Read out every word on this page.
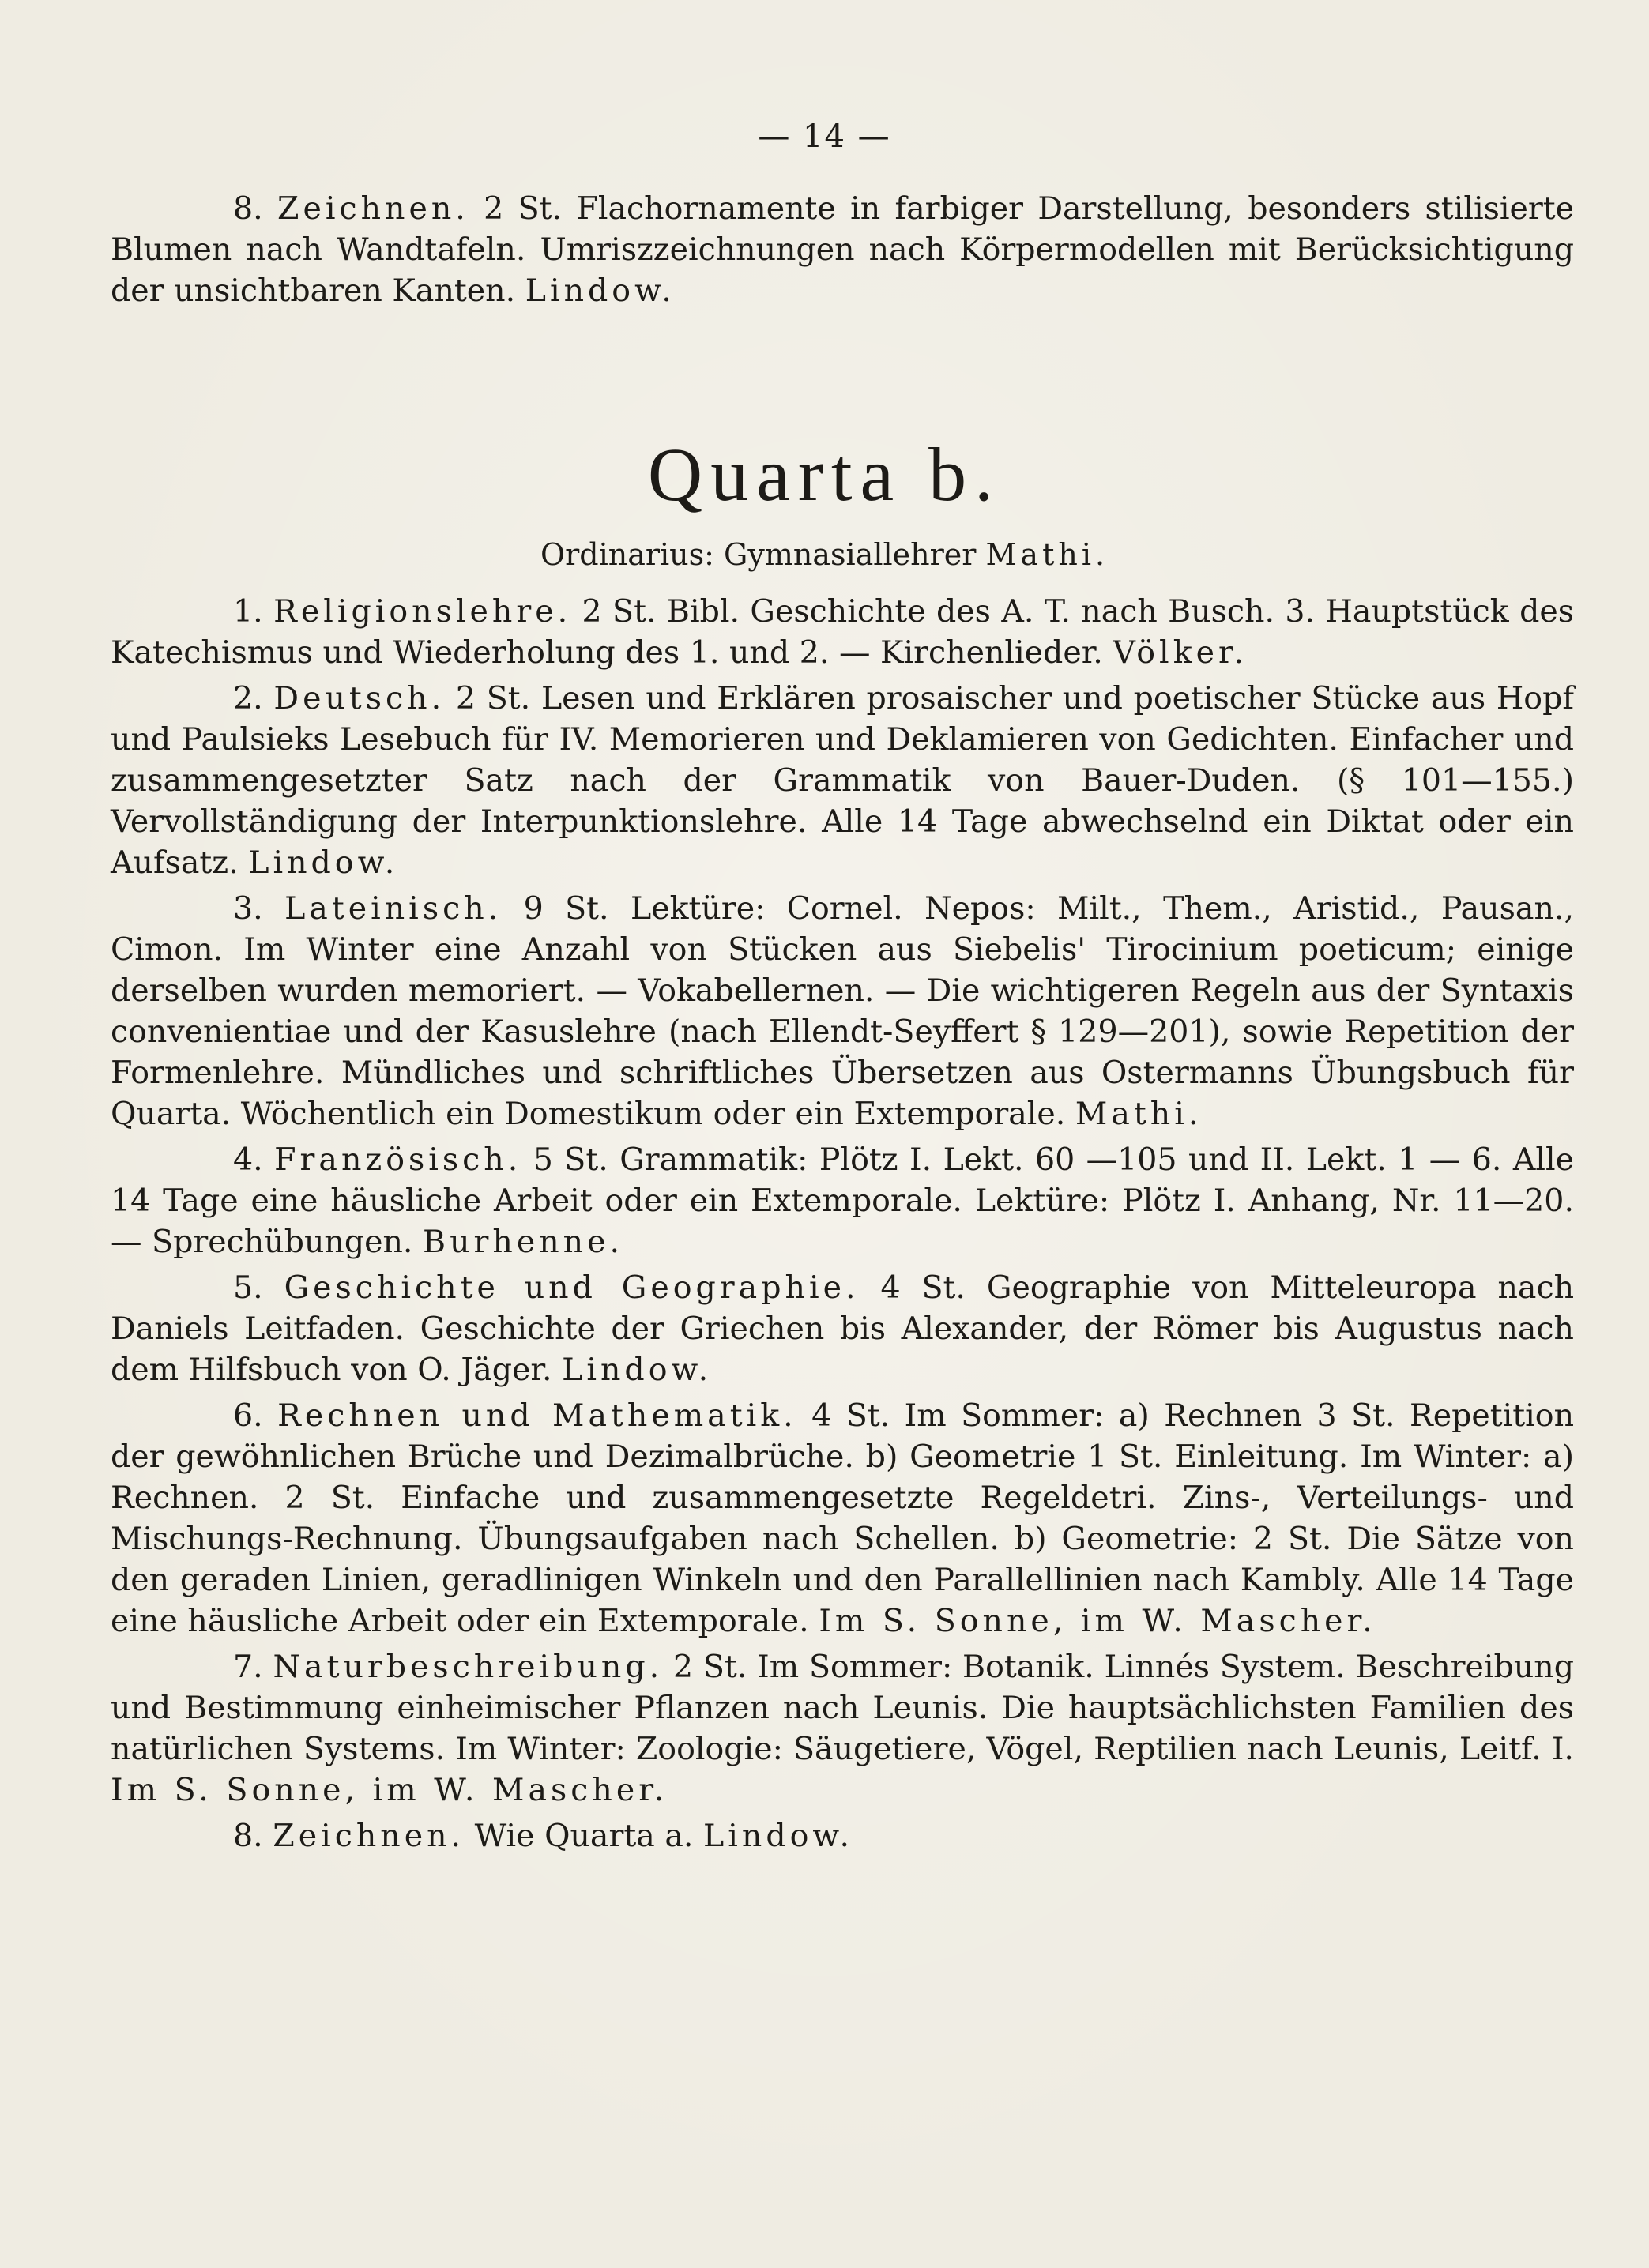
— 14 —

8. Zeichnen. 2 St. Flachornamente in farbiger Darstellung, besonders stilisierte Blumen nach Wandtafeln. Umriszzeichnungen nach Körpermodellen mit Berücksichtigung der unsichtbaren Kanten. Lindow.

Quarta b.
Ordinarius: Gymnasiallehrer Mathi.

1. Religionslehre. 2 St. Bibl. Geschichte des A. T. nach Busch. 3. Hauptstück des Katechismus und Wiederholung des 1. und 2. — Kirchenlieder. Völker.

2. Deutsch. 2 St. Lesen und Erklären prosaischer und poetischer Stücke aus Hopf und Paulsieks Lesebuch für IV. Memorieren und Deklamieren von Gedichten. Einfacher und zusammengesetzter Satz nach der Grammatik von Bauer-Duden. (§ 101—155.) Vervollständigung der Interpunktionslehre. Alle 14 Tage abwechselnd ein Diktat oder ein Aufsatz. Lindow.

3. Lateinisch. 9 St. Lektüre: Cornel. Nepos: Milt., Them., Aristid., Pausan., Cimon. Im Winter eine Anzahl von Stücken aus Siebelis' Tirocinium poeticum; einige derselben wurden memoriert. — Vokabellernen. — Die wichtigeren Regeln aus der Syntaxis convenientiae und der Kasuslehre (nach Ellendt-Seyffert § 129—201), sowie Repetition der Formenlehre. Mündliches und schriftliches Übersetzen aus Ostermanns Übungsbuch für Quarta. Wöchentlich ein Domestikum oder ein Extemporale. Mathi.

4. Französisch. 5 St. Grammatik: Plötz I. Lekt. 60 —105 und II. Lekt. 1 — 6. Alle 14 Tage eine häusliche Arbeit oder ein Extemporale. Lektüre: Plötz I. Anhang, Nr. 11—20. — Sprechübungen. Burhenne.

5. Geschichte und Geographie. 4 St. Geographie von Mitteleuropa nach Daniels Leitfaden. Geschichte der Griechen bis Alexander, der Römer bis Augustus nach dem Hilfsbuch von O. Jäger. Lindow.

6. Rechnen und Mathematik. 4 St. Im Sommer: a) Rechnen 3 St. Repetition der gewöhnlichen Brüche und Dezimalbrüche. b) Geometrie 1 St. Einleitung. Im Winter: a) Rechnen. 2 St. Einfache und zusammengesetzte Regeldetri. Zins-, Verteilungs- und Mischungs-Rechnung. Übungsaufgaben nach Schellen. b) Geometrie: 2 St. Die Sätze von den geraden Linien, geradlinigen Winkeln und den Parallellinien nach Kambly. Alle 14 Tage eine häusliche Arbeit oder ein Extemporale. Im S. Sonne, im W. Mascher.

7. Naturbeschreibung. 2 St. Im Sommer: Botanik. Linnés System. Beschreibung und Bestimmung einheimischer Pflanzen nach Leunis. Die hauptsächlichsten Familien des natürlichen Systems. Im Winter: Zoologie: Säugetiere, Vögel, Reptilien nach Leunis, Leitf. I. Im S. Sonne, im W. Mascher.

8. Zeichnen. Wie Quarta a. Lindow.
